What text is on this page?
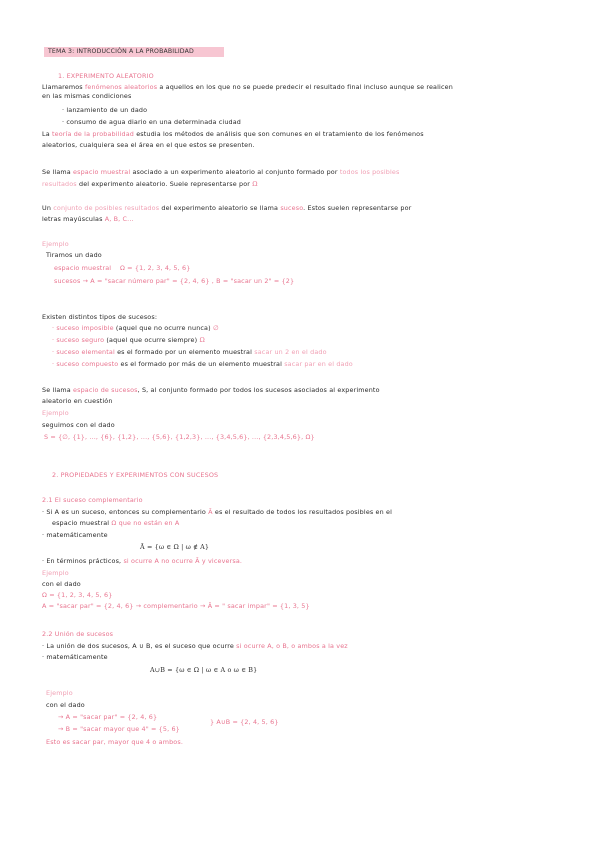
TEMA 3: INTRODUCCIÓN A LA PROBABILIDAD
1. EXPERIMENTO ALEATORIO
Llamaremos fenómenos aleatorios a aquellos en los que no se puede predecir el resultado final incluso aunque se realicen
en las mismas condiciones
· lanzamiento de un dado
· consumo de agua diario en una determinada ciudad
La teoría de la probabilidad estudia los métodos de análisis que son comunes en el tratamiento de los fenómenos
aleatorios, cualquiera sea el área en el que estos se presenten.
Se llama espacio muestral asociado a un experimento aleatorio al conjunto formado por todos los posibles
resultados del experimento aleatorio. Suele representarse por Ω
Un conjunto de posibles resultados del experimento aleatorio se llama suceso. Estos suelen representarse por
letras mayúsculas A, B, C...
Ejemplo
Tiramos un dado
espacio muestral Ω = {1, 2, 3, 4, 5, 6}
sucesos → A = "sacar número par" = {2, 4, 6} , B = "sacar un 2" = {2}
Existen distintos tipos de sucesos:
· suceso imposible (aquel que no ocurre nunca) ∅
· suceso seguro (aquel que ocurre siempre) Ω
· suceso elemental es el formado por un elemento muestral sacar un 2 en el dado
· suceso compuesto es el formado por más de un elemento muestral sacar par en el dado
Se llama espacio de sucesos, S, al conjunto formado por todos los sucesos asociados al experimento
aleatorio en cuestión
Ejemplo
seguimos con el dado
S = {∅, {1}, ..., {6}, {1,2}, ..., {5,6}, {1,2,3}, ..., {3,4,5,6}, ..., {2,3,4,5,6}, Ω}
2. PROPIEDADES Y EXPERIMENTOS CON SUCESOS
2.1 El suceso complementario
· Si A es un suceso, entonces su complementario Ā es el resultado de todos los resultados posibles en el
espacio muestral Ω que no están en A
· matemáticamente
Ā = {ω ∈ Ω | ω ∉ A}
· En términos prácticos, si ocurre A no ocurre Ā y viceversa.
Ejemplo
con el dado
Ω = {1, 2, 3, 4, 5, 6}
A = "sacar par" = {2, 4, 6} → complementario → Ā = " sacar impar" = {1, 3, 5}
2.2 Unión de sucesos
· La unión de dos sucesos, A ∪ B, es el suceso que ocurre si ocurre A, o B, o ambos a la vez
· matemáticamente
A∪B = {ω ∈ Ω | ω ∈ A o ω ∈ B}
Ejemplo
con el dado
→ A = "sacar par" = {2, 4, 6}
} A∪B = {2, 4, 5, 6}
→ B = "sacar mayor que 4" = {5, 6}
Esto es sacar par, mayor que 4 o ambos.
